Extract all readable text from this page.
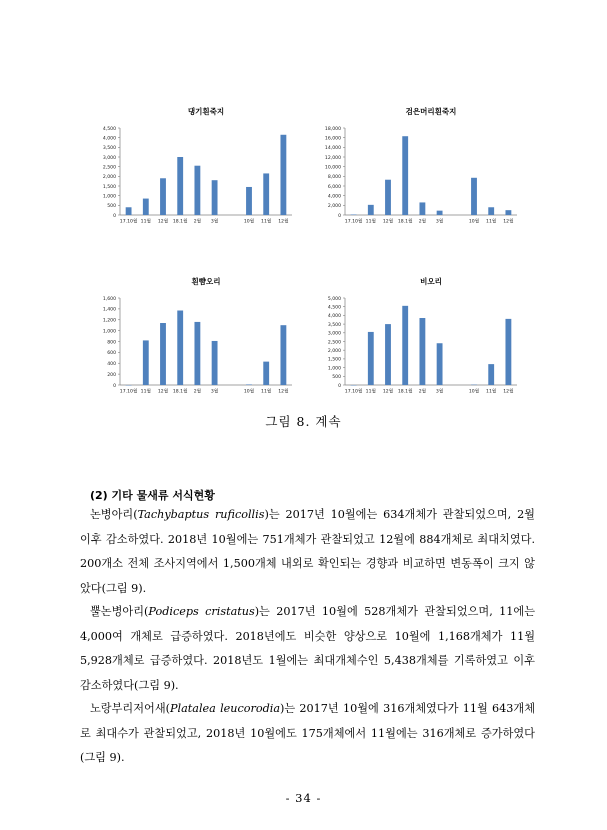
댕기흰죽지
0
500
1,000
1,500
2,000
2,500
3,000
3,500
4,000
4,500
17.10월 11월 12월 18.1월 2월 3월	10월 11월 12월
검은머리흰죽지
0
2,000
4,000
6,000
8,000
10,000
12,000
14,000
16,000
18,000
17.10월 11월 12월 18.1월 2월 3월	10월 11월 12월
흰뺨오리
0
200
400
600
800
1,000
1,200
1,400
1,600
17.10월 11월 12월 18.1월 2월 3월	10월 11월 12월
비오리
0
500
1,000
1,500
2,000
2,500
3,000
3,500
4,000
4,500
5,000
17.10월 11월 12월 18.1월 2월 3월	10월 11월 12월
그림 8. 계속
(2) 기타 물새류 서식현황

논병아리(Tachybaptus ruficollis)는 2017년 10월에는 634개체가 관찰되었으며, 2월 이후 감소하였다. 2018년 10월에는 751개체가 관찰되었고 12월에 884개체로 최대치였다. 200개소 전체 조사지역에서 1,500개체 내외로 확인되는 경향과 비교하면 변동폭이 크지 않았다(그림 9).

뿔논병아리(Podiceps cristatus)는 2017년 10월에 528개체가 관찰되었으며, 11에는 4,000여 개체로 급증하였다. 2018년에도 비슷한 양상으로 10월에 1,168개체가 11월 5,928개체로 급증하였다. 2018년도 1월에는 최대개체수인 5,438개체를 기록하였고 이후 감소하였다(그림 9).

노랑부리저어새(Platalea leucorodia)는 2017년 10월에 316개체였다가 11월 643개체로 최대수가 관찰되었고, 2018년 10월에도 175개체에서 11월에는 316개체로 증가하였다(그림 9).

- 34 -
